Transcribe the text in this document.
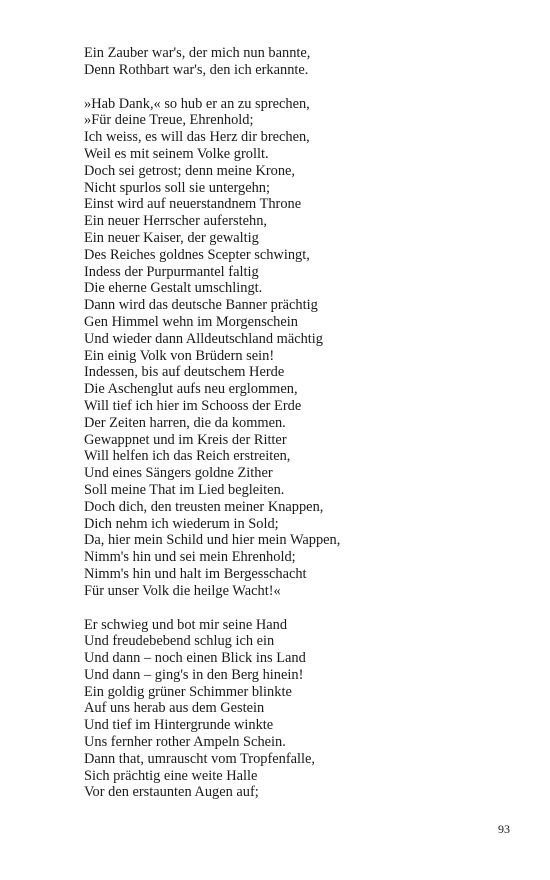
Ein Zauber war's, der mich nun bannte,
Denn Rothbart war's, den ich erkannte.
»Hab Dank,« so hub er an zu sprechen,
»Für deine Treue, Ehrenhold;
Ich weiss, es will das Herz dir brechen,
Weil es mit seinem Volke grollt.
Doch sei getrost; denn meine Krone,
Nicht spurlos soll sie untergehn;
Einst wird auf neuerstandnem Throne
Ein neuer Herrscher auferstehn,
Ein neuer Kaiser, der gewaltig
Des Reiches goldnes Scepter schwingt,
Indess der Purpurmantel faltig
Die eherne Gestalt umschlingt.
Dann wird das deutsche Banner prächtig
Gen Himmel wehn im Morgenschein
Und wieder dann Alldeutschland mächtig
Ein einig Volk von Brüdern sein!
Indessen, bis auf deutschem Herde
Die Aschenglut aufs neu erglommen,
Will tief ich hier im Schooss der Erde
Der Zeiten harren, die da kommen.
Gewappnet und im Kreis der Ritter
Will helfen ich das Reich erstreiten,
Und eines Sängers goldne Zither
Soll meine That im Lied begleiten.
Doch dich, den treusten meiner Knappen,
Dich nehm ich wiederum in Sold;
Da, hier mein Schild und hier mein Wappen,
Nimm's hin und sei mein Ehrenhold;
Nimm's hin und halt im Bergesschacht
Für unser Volk die heilge Wacht!«
Er schwieg und bot mir seine Hand
Und freudebebend schlug ich ein
Und dann – noch einen Blick ins Land
Und dann – ging's in den Berg hinein!
Ein goldig grüner Schimmer blinkte
Auf uns herab aus dem Gestein
Und tief im Hintergrunde winkte
Uns fernher rother Ampeln Schein.
Dann that, umrauscht vom Tropfenfalle,
Sich prächtig eine weite Halle
Vor den erstaunten Augen auf;
93
